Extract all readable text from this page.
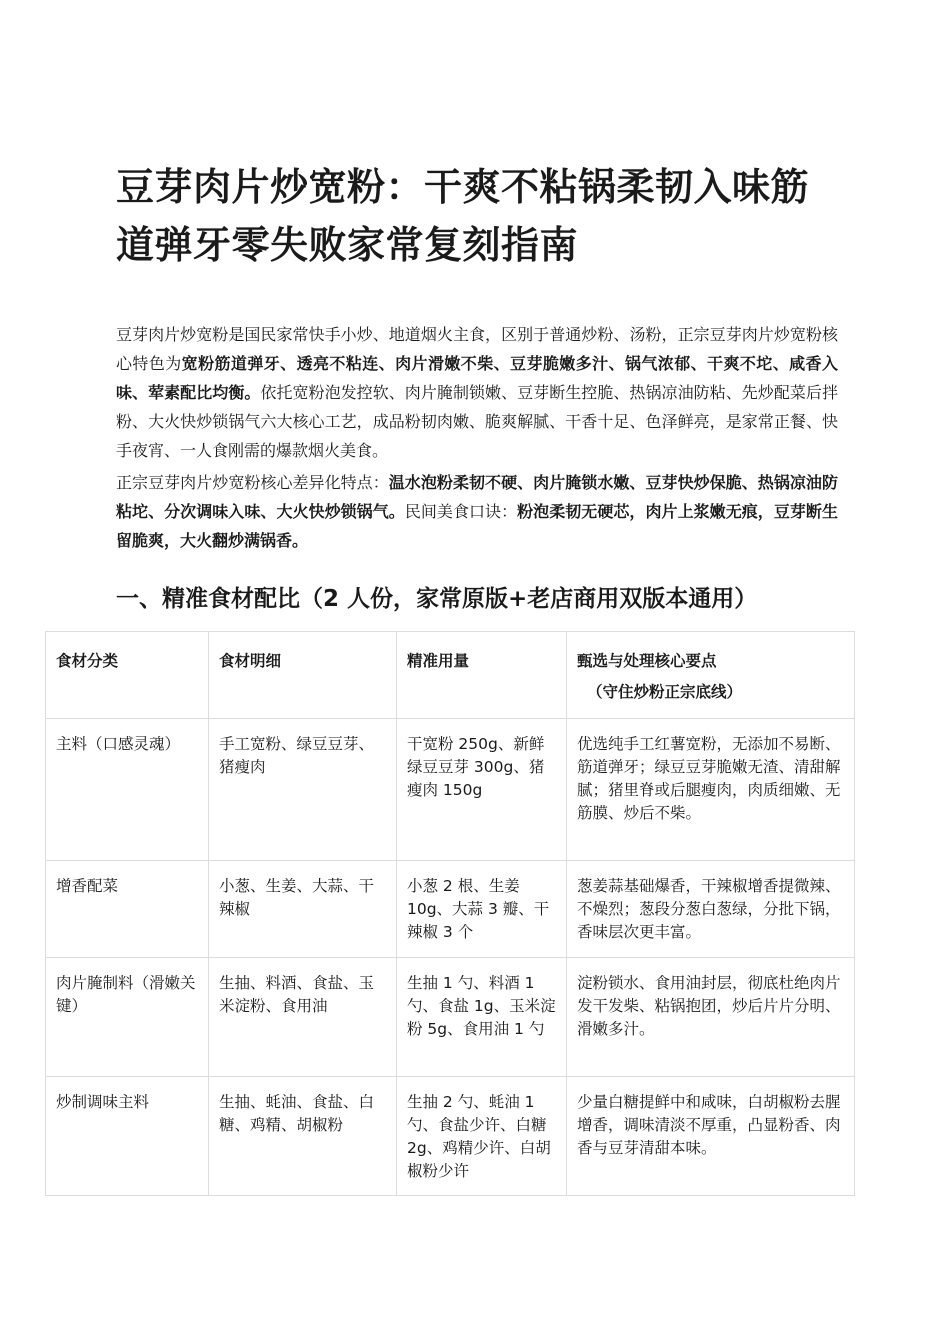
豆芽肉片炒宽粉：干爽不粘锅柔韧入味筋道弹牙零失败家常复刻指南

豆芽肉片炒宽粉是国民家常快手小炒、地道烟火主食，区别于普通炒粉、汤粉，正宗豆芽肉片炒宽粉核心特色为宽粉筋道弹牙、透亮不粘连、肉片滑嫩不柴、豆芽脆嫩多汁、锅气浓郁、干爽不坨、咸香入味、荤素配比均衡。依托宽粉泡发控软、肉片腌制锁嫩、豆芽断生控脆、热锅凉油防粘、先炒配菜后拌粉、大火快炒锁锅气六大核心工艺，成品粉韧肉嫩、脆爽解腻、干香十足、色泽鲜亮，是家常正餐、快手夜宵、一人食刚需的爆款烟火美食。

正宗豆芽肉片炒宽粉核心差异化特点：温水泡粉柔韧不硬、肉片腌锁水嫩、豆芽快炒保脆、热锅凉油防粘坨、分次调味入味、大火快炒锁锅气。民间美食口诀：粉泡柔韧无硬芯，肉片上浆嫩无痕，豆芽断生留脆爽，大火翻炒满锅香。

一、精准食材配比（2 人份，家常原版+老店商用双版本通用）
食材分类	食材明细	精准用量	甄选与处理核心要点
（守住炒粉正宗底线）

主料（口感灵魂）	手工宽粉、绿豆豆芽、猪瘦肉	干宽粉 250g、新鲜绿豆豆芽 300g、猪瘦肉 150g	优选纯手工红薯宽粉，无添加不易断、筋道弹牙；绿豆豆芽脆嫩无渣、清甜解腻；猪里脊或后腿瘦肉，肉质细嫩、无筋膜、炒后不柴。
增香配菜	小葱、生姜、大蒜、干辣椒	小葱 2 根、生姜 10g、大蒜 3 瓣、干辣椒 3 个	葱姜蒜基础爆香，干辣椒增香提微辣、不燥烈；葱段分葱白葱绿，分批下锅，香味层次更丰富。
肉片腌制料（滑嫩关键）	生抽、料酒、食盐、玉米淀粉、食用油	生抽 1 勺、料酒 1 勺、食盐 1g、玉米淀粉 5g、食用油 1 勺	淀粉锁水、食用油封层，彻底杜绝肉片发干发柴、粘锅抱团，炒后片片分明、滑嫩多汁。
炒制调味主料	生抽、蚝油、食盐、白糖、鸡精、胡椒粉	生抽 2 勺、蚝油 1 勺、食盐少许、白糖 2g、鸡精少许、白胡椒粉少许	少量白糖提鲜中和咸味，白胡椒粉去腥增香，调味清淡不厚重，凸显粉香、肉香与豆芽清甜本味。
